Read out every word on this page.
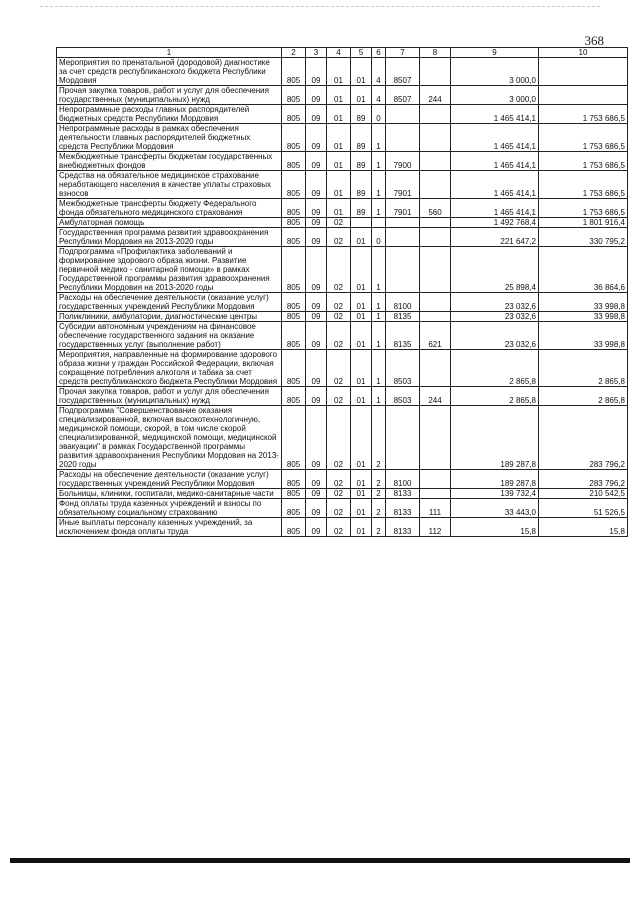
368
1	2	3	4	5	6	7	8	9	10
Мероприятия по пренатальной (дородовой) диагностике за счет средств республиканского бюджета Республики Мордовия	805	09	01	01	4	8507		3 000,0	
Прочая закупка товаров, работ и услуг для обеспечения государственных (муниципальных) нужд	805	09	01	01	4	8507	244	3 000,0	
Непрограммные расходы главных распорядителей бюджетных средств Республики Мордовия	805	09	01	89	0			1 465 414,1	1 753 686,5
Непрограммные расходы в рамках обеспечения деятельности главных распорядителей бюджетных средств Республики Мордовия	805	09	01	89	1			1 465 414,1	1 753 686,5
Межбюджетные трансферты бюджетам государственных внебюджетных фондов	805	09	01	89	1	7900		1 465 414,1	1 753 686,5
Средства на обязательное медицинское страхование неработающего населения в качестве уплаты страховых взносов	805	09	01	89	1	7901		1 465 414,1	1 753 686,5
Межбюджетные трансферты бюджету Федерального фонда обязательного медицинского страхования	805	09	01	89	1	7901	560	1 465 414,1	1 753 686,5
Амбулаторная помощь	805	09	02					1 492 768,4	1 801 916,4
Государственная программа развития здравоохранения Республики Мордовия на 2013-2020 годы	805	09	02	01	0			221 647,2	330 795,2
Подпрограмма «Профилактика заболеваний и формирование здорового образа жизни. Развитие первичной медико - санитарной помощи» в рамках Государственной программы развития здравоохранения Республики Мордовия на 2013-2020 годы	805	09	02	01	1			25 898,4	36 864,6
Расходы на обеспечение деятельности (оказание услуг) государственных учреждений Республики Мордовия	805	09	02	01	1	8100		23 032,6	33 998,8
Поликлиники, амбулатории, диагностические центры	805	09	02	01	1	8135		23 032,6	33 998,8
Субсидии автономным учреждениям на финансовое обеспечение государственного задания на оказание государственных услуг (выполнение работ)	805	09	02	01	1	8135	621	23 032,6	33 998,8
Мероприятия, направленные на формирование здорового образа жизни у граждан Российской Федерации, включая сокращение потребления алкоголя и табака за счет средств республиканского бюджета Республики Мордовия	805	09	02	01	1	8503		2 865,8	2 865,8
Прочая закупка товаров, работ и услуг для обеспечения государственных (муниципальных) нужд	805	09	02	01	1	8503	244	2 865,8	2 865,8
Подпрограмма "Совершенствование оказания специализированной, включая высокотехнологичную, медицинской помощи, скорой, в том числе скорой специализированной, медицинской помощи, медицинской эвакуации" в рамках Государственной программы развития здравоохранения Республики Мордовия на 2013-2020 годы	805	09	02	01	2			189 287,8	283 796,2
Расходы на обеспечение деятельности (оказание услуг) государственных учреждений Республики Мордовия	805	09	02	01	2	8100		189 287,8	283 796,2
Больницы, клиники, госпитали, медико-санитарные части	805	09	02	01	2	8133		139 732,4	210 542,5
Фонд оплаты труда казенных учреждений и взносы по обязательному социальному страхованию	805	09	02	01	2	8133	111	33 443,0	51 526,5
Иные выплаты персоналу казенных учреждений, за исключением фонда оплаты труда	805	09	02	01	2	8133	112	15,8	15,8
